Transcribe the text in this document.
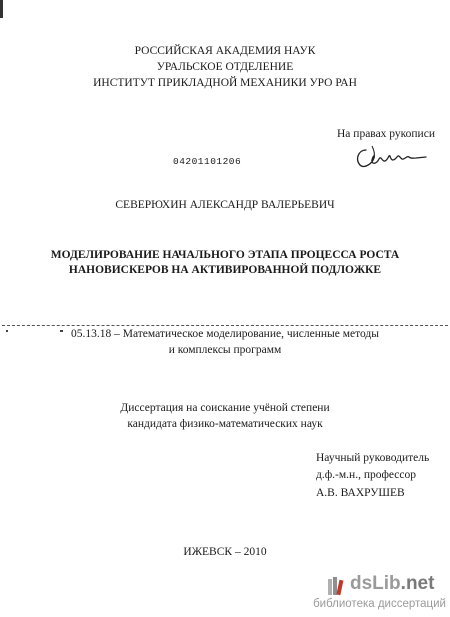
РОССИЙСКАЯ АКАДЕМИЯ НАУК
УРАЛЬСКОЕ ОТДЕЛЕНИЕ
ИНСТИТУТ ПРИКЛАДНОЙ МЕХАНИКИ УРО РАН
На правах рукописи
04201101206
СЕВЕРЮХИН АЛЕКСАНДР ВАЛЕРЬЕВИЧ
МОДЕЛИРОВАНИЕ НАЧАЛЬНОГО ЭТАПА ПРОЦЕССА РОСТА
НАНОВИСКЕРОВ НА АКТИВИРОВАННОЙ ПОДЛОЖКЕ
05.13.18 – Математическое моделирование, численные методы
и комплексы программ
Диссертация на соискание учёной степени
кандидата физико-математических наук
Научный руководитель
д.ф.-м.н., профессор
А.В. ВАХРУШЕВ
ИЖЕВСК – 2010
dsLib.net
библиотека диссертаций
